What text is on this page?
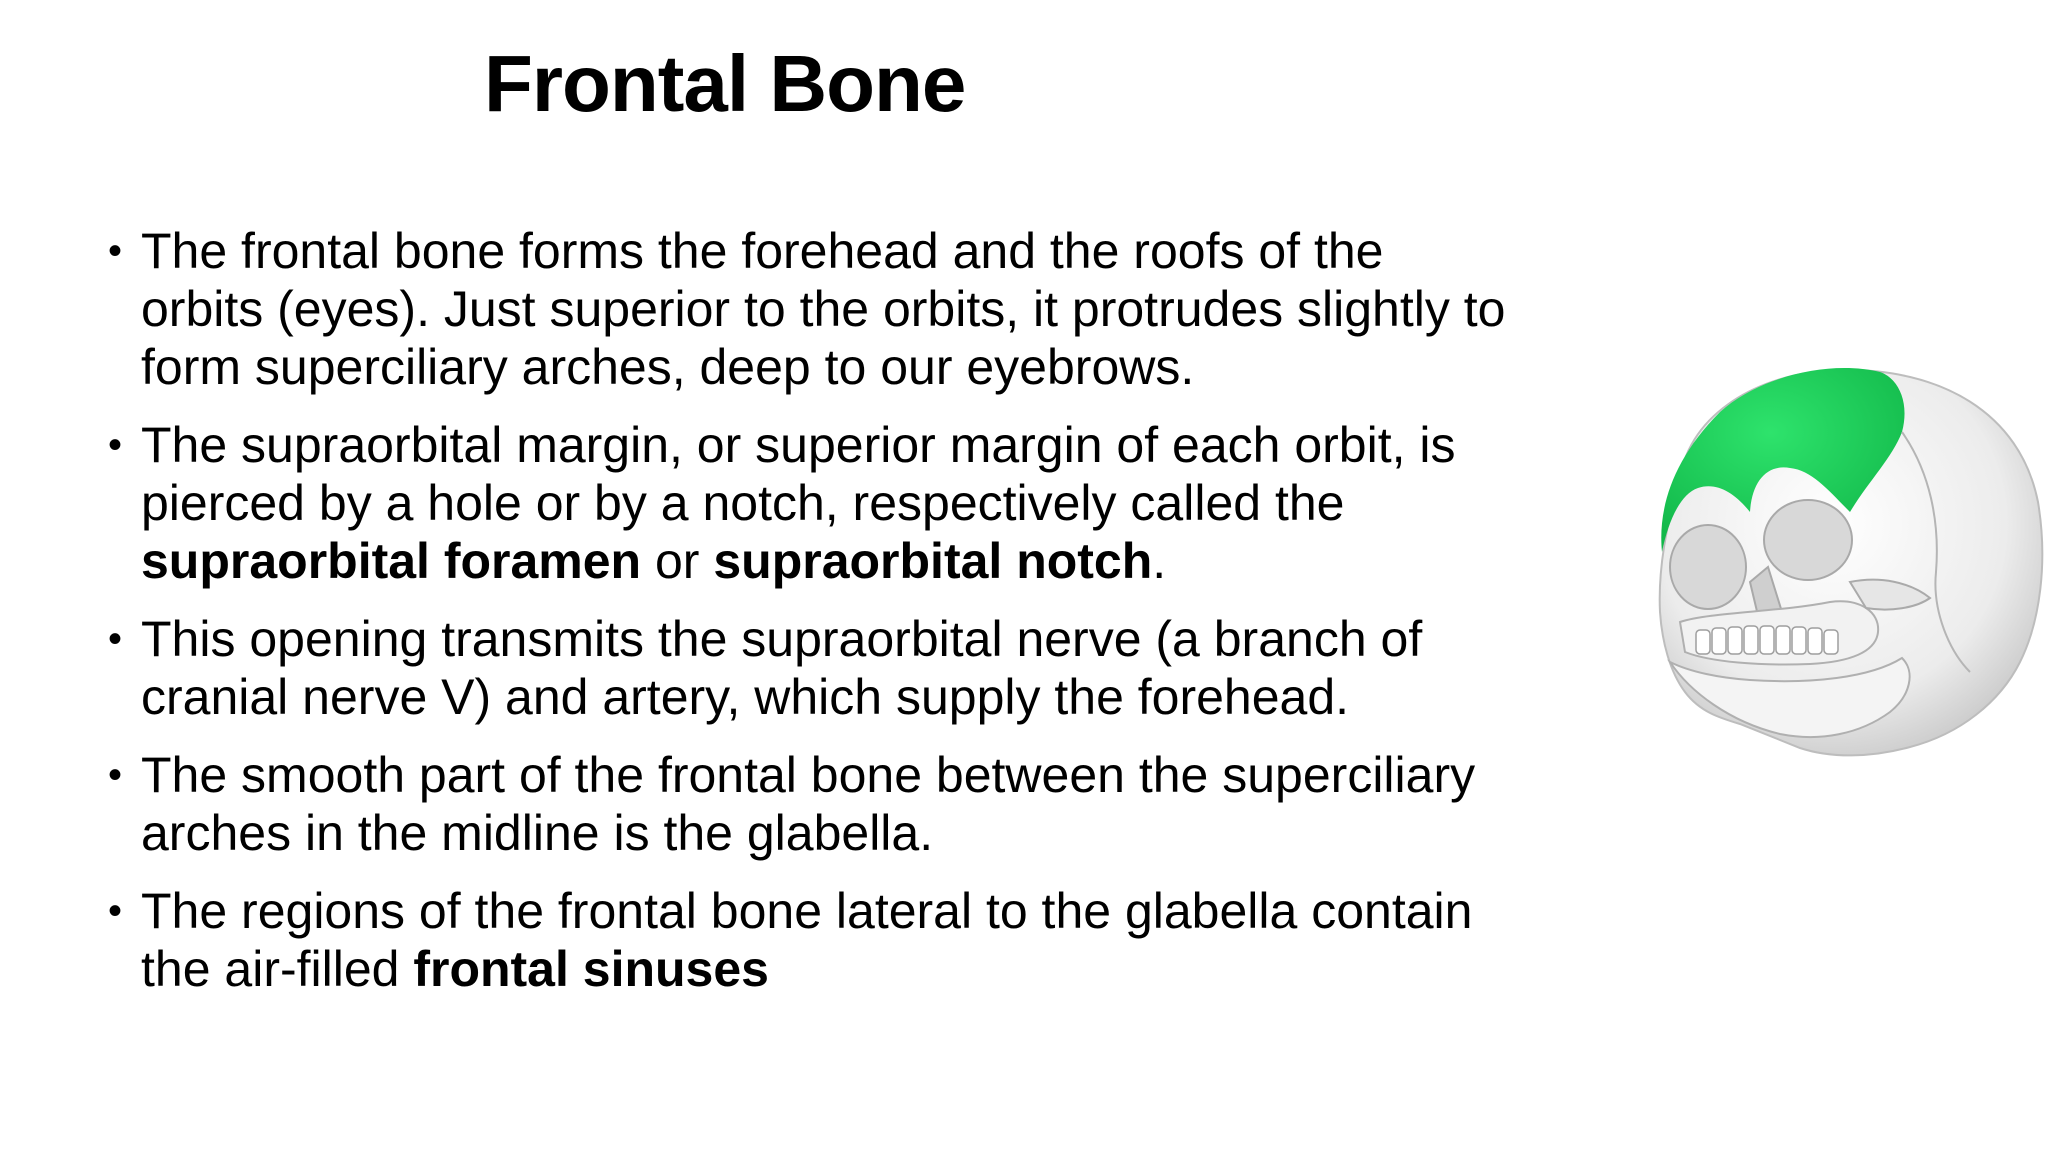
Frontal Bone
• The frontal bone forms the forehead and the roofs of the
orbits (eyes). Just superior to the orbits, it protrudes slightly to
form superciliary arches, deep to our eyebrows.
• The supraorbital margin, or superior margin of each orbit, is
pierced by a hole or by a notch, respectively called the
supraorbital foramen or supraorbital notch.
• This opening transmits the supraorbital nerve (a branch of
cranial nerve V) and artery, which supply the forehead.
• The smooth part of the frontal bone between the superciliary
arches in the midline is the glabella.
• The regions of the frontal bone lateral to the glabella contain
the air-filled frontal sinuses
